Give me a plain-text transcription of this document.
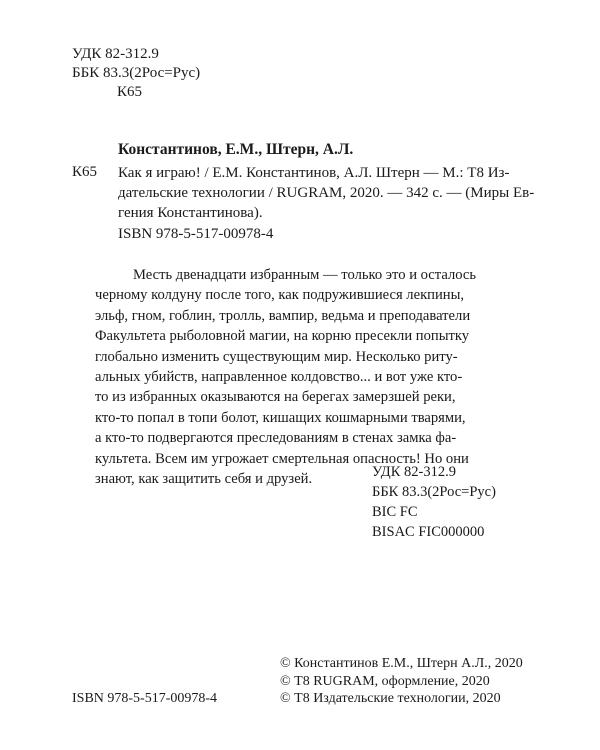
УДК 82-312.9
ББК 83.3(2Рос=Рус)
К65
Константинов, Е.М., Штерн, А.Л.
К65 Как я играю! / Е.М. Константинов, А.Л. Штерн — М.: Т8 Из-
дательские технологии / RUGRAM, 2020. — 342 с. — (Миры Ев-
гения Константинова).
ISBN 978-5-517-00978-4
Месть двенадцати избранным — только это и осталось
черному колдуну после того, как подружившиеся лекпины,
эльф, гном, гоблин, тролль, вампир, ведьма и преподаватели
Факультета рыболовной магии, на корню пресекли попытку
глобально изменить существующим мир. Несколько риту-
альных убийств, направленное колдовство... и вот уже кто-
то из избранных оказываются на берегах замерзшей реки,
кто-то попал в топи болот, кишащих кошмарными тварями,
а кто-то подвергаются преследованиям в стенах замка фа-
культета. Всем им угрожает смертельная опасность! Но они
знают, как защитить себя и друзей.	УДК 82-312.9
ББК 83.3(2Рос=Рус)
BIC FC
BISAC FIC000000
ISBN 978-5-517-00978-4
© Константинов Е.М., Штерн А.Л., 2020
© Т8 RUGRAM, оформление, 2020
© Т8 Издательские технологии, 2020
